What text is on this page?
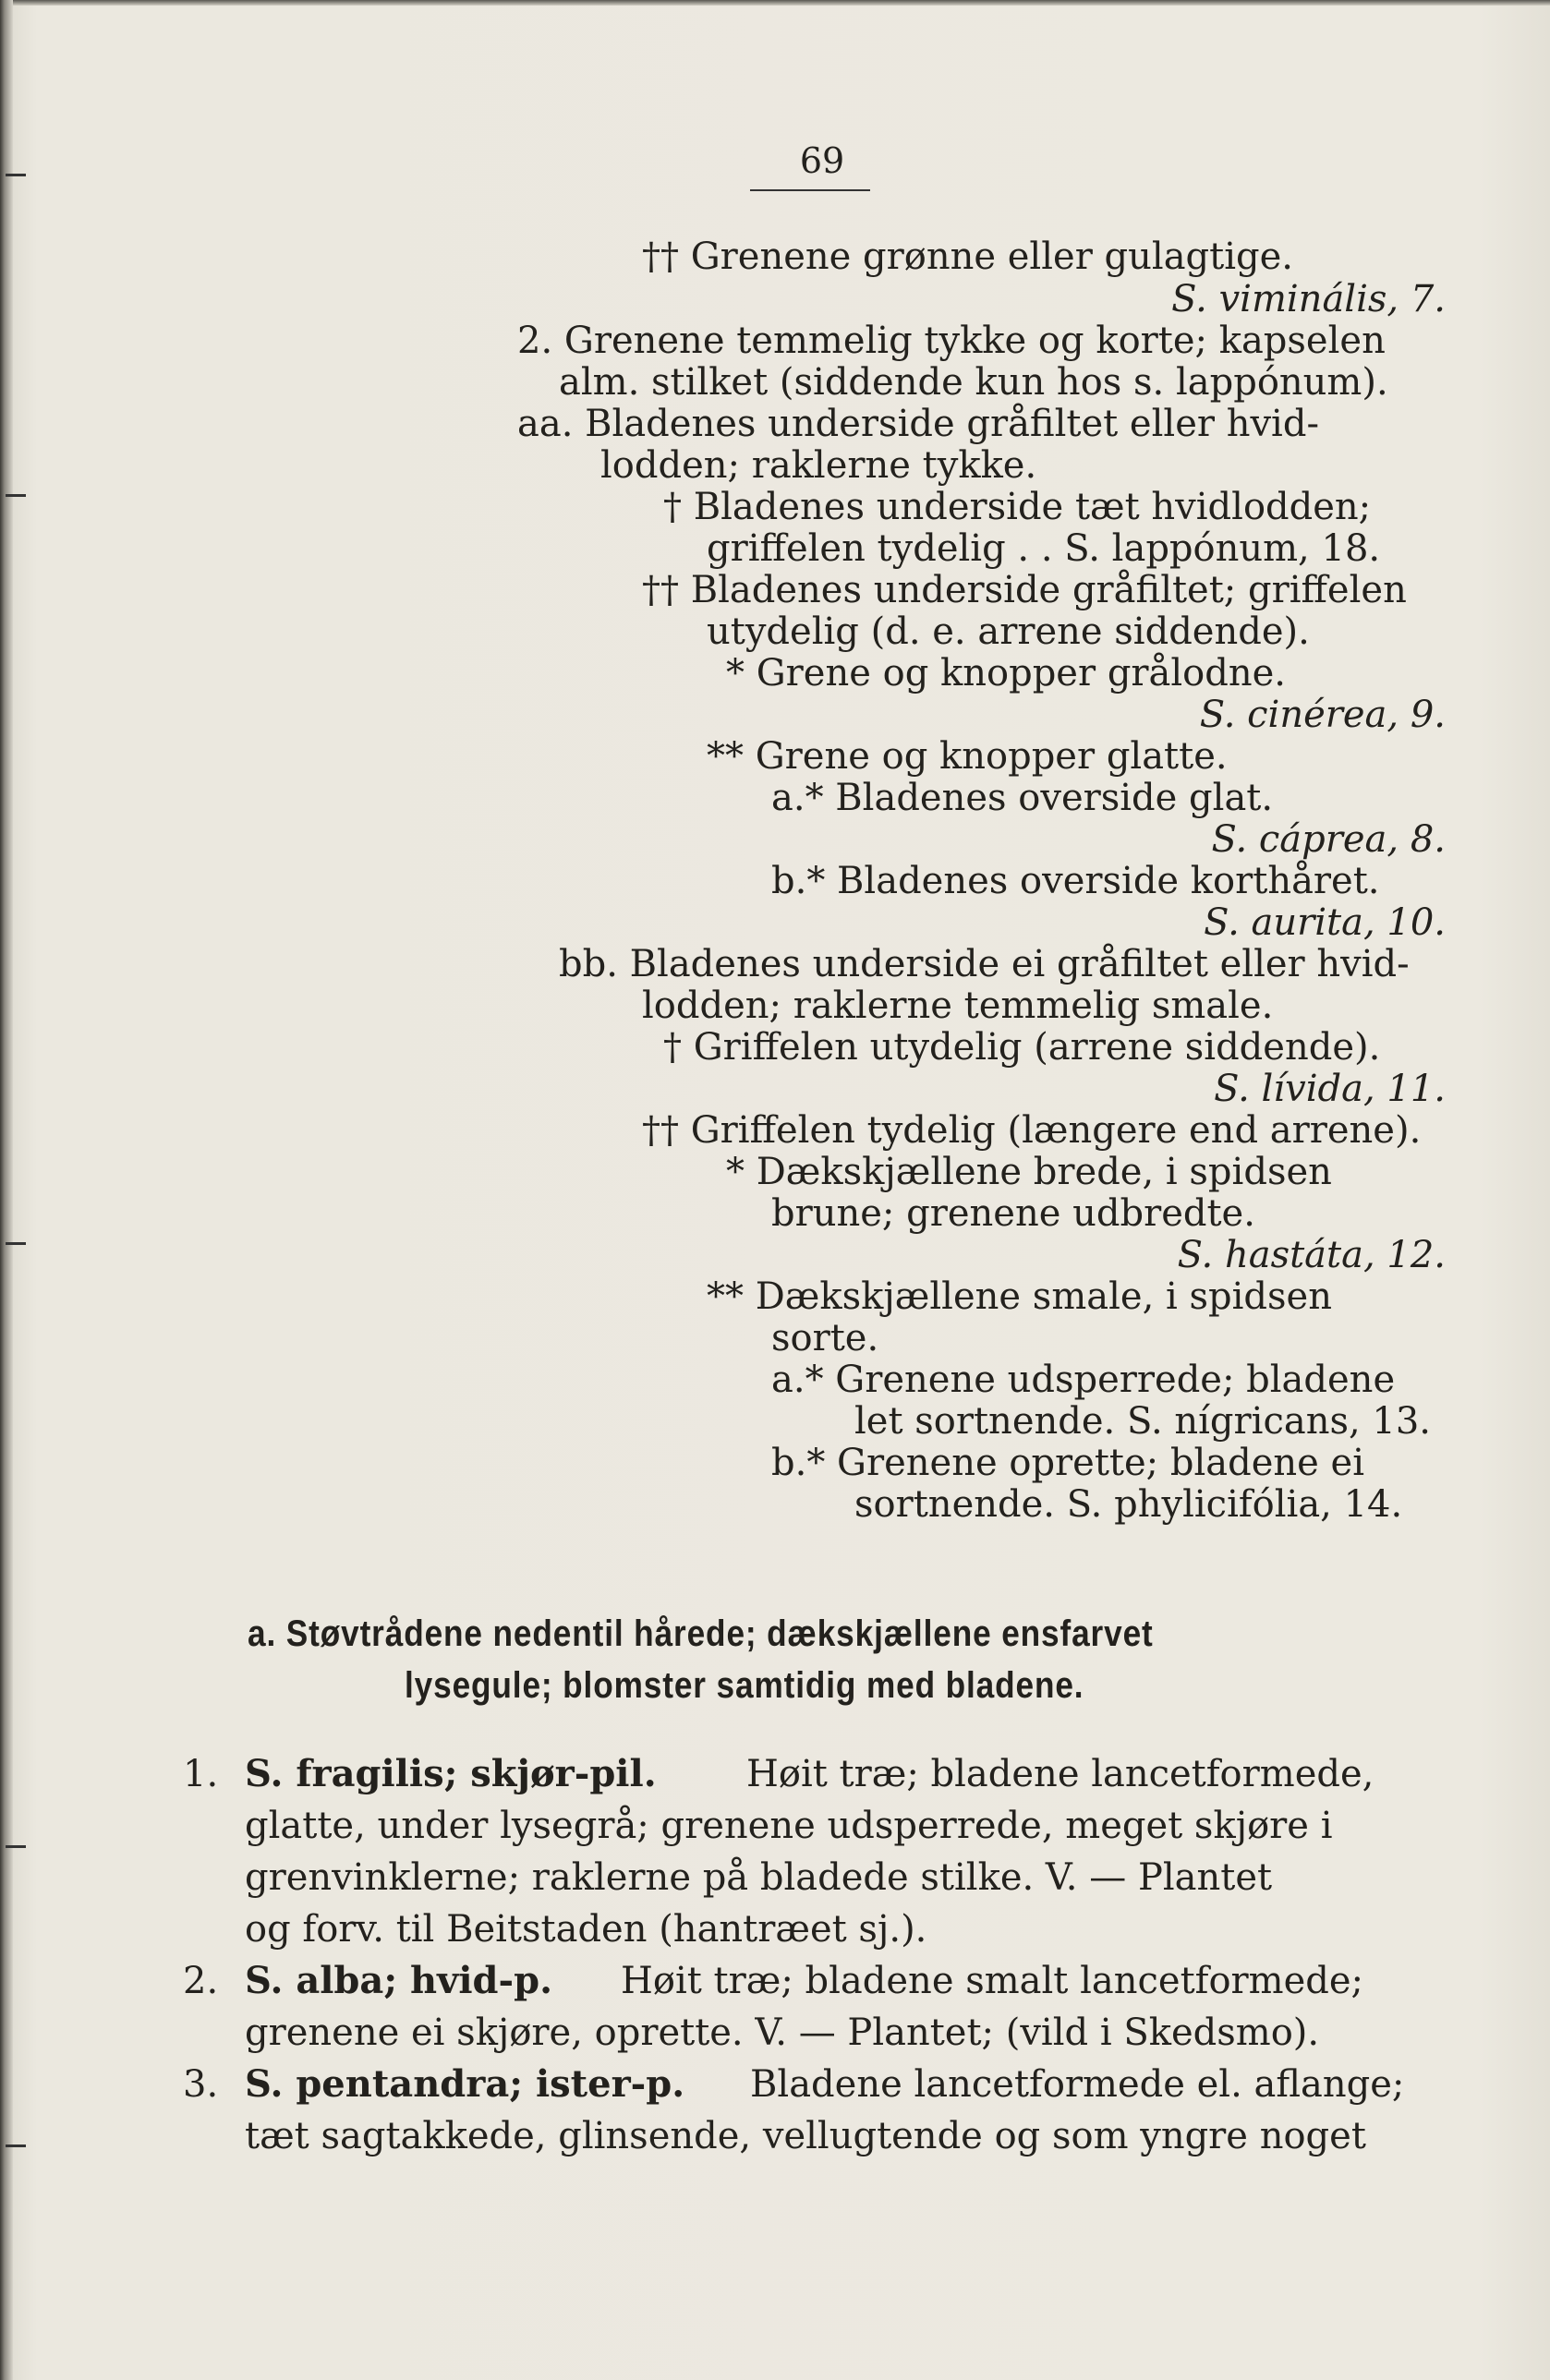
69
†† Grenene grønne eller gulagtige.
S. viminális, 7.
2. Grenene temmelig tykke og korte; kapselen
alm. stilket (siddende kun hos s. lappónum).
aa. Bladenes underside gråfiltet eller hvid-
lodden; raklerne tykke.
† Bladenes underside tæt hvidlodden;
griffelen tydelig . . S. lappónum, 18.
†† Bladenes underside gråfiltet; griffelen
utydelig (d. e. arrene siddende).
* Grene og knopper grålodne.
S. cinérea, 9.
** Grene og knopper glatte.
a.* Bladenes overside glat.
S. cáprea, 8.
b.* Bladenes overside korthåret.
S. aurita, 10.
bb. Bladenes underside ei gråfiltet eller hvid-
lodden; raklerne temmelig smale.
† Griffelen utydelig (arrene siddende).
S. lívida, 11.
†† Griffelen tydelig (længere end arrene).
* Dækskjællene brede, i spidsen
brune; grenene udbredte.
S. hastáta, 12.
** Dækskjællene smale, i spidsen
sorte.
a.* Grenene udsperrede; bladene
let sortnende. S. nígricans, 13.
b.* Grenene oprette; bladene ei
sortnende. S. phylicifólia, 14.
a. Støvtrådene nedentil hårede; dækskjællene ensfarvet
lysegule; blomster samtidig med bladene.
1. S. fragilis; skjør-pil. Høit træ; bladene lancetformede,
glatte, under lysegrå; grenene udsperrede, meget skjøre i
grenvinklerne; raklerne på bladede stilke. V. — Plantet
og forv. til Beitstaden (hantræet sj.).
2. S. alba; hvid-p. Høit træ; bladene smalt lancetformede;
grenene ei skjøre, oprette. V. — Plantet; (vild i Skedsmo).
3. S. pentandra; ister-p. Bladene lancetformede el. aflange;
tæt sagtakkede, glinsende, vellugtende og som yngre noget
